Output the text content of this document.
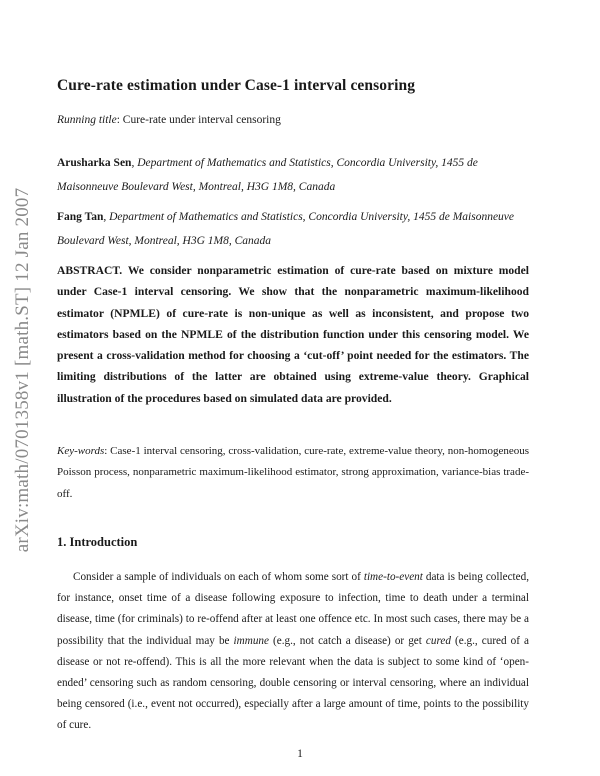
arXiv:math/0701358v1 [math.ST] 12 Jan 2007
Cure-rate estimation under Case-1 interval censoring
Running title: Cure-rate under interval censoring
Arusharka Sen, Department of Mathematics and Statistics, Concordia University, 1455 de Maisonneuve Boulevard West, Montreal, H3G 1M8, Canada
Fang Tan, Department of Mathematics and Statistics, Concordia University, 1455 de Maisonneuve Boulevard West, Montreal, H3G 1M8, Canada
ABSTRACT. We consider nonparametric estimation of cure-rate based on mixture model under Case-1 interval censoring. We show that the nonparametric maximum-likelihood estimator (NPMLE) of cure-rate is non-unique as well as inconsistent, and propose two estimators based on the NPMLE of the distribution function under this censoring model. We present a cross-validation method for choosing a ‘cut-off’ point needed for the estimators. The limiting distributions of the latter are obtained using extreme-value theory. Graphical illustration of the procedures based on simulated data are provided.
Key-words: Case-1 interval censoring, cross-validation, cure-rate, extreme-value theory, non-homogeneous Poisson process, nonparametric maximum-likelihood estimator, strong approximation, variance-bias trade-off.
1. Introduction
Consider a sample of individuals on each of whom some sort of time-to-event data is being collected, for instance, onset time of a disease following exposure to infection, time to death under a terminal disease, time (for criminals) to re-offend after at least one offence etc. In most such cases, there may be a possibility that the individual may be immune (e.g., not catch a disease) or get cured (e.g., cured of a disease or not re-offend). This is all the more relevant when the data is subject to some kind of ‘open-ended’ censoring such as random censoring, double censoring or interval censoring, where an individual being censored (i.e., event not occurred), especially after a large amount of time, points to the possibility of cure.
1
